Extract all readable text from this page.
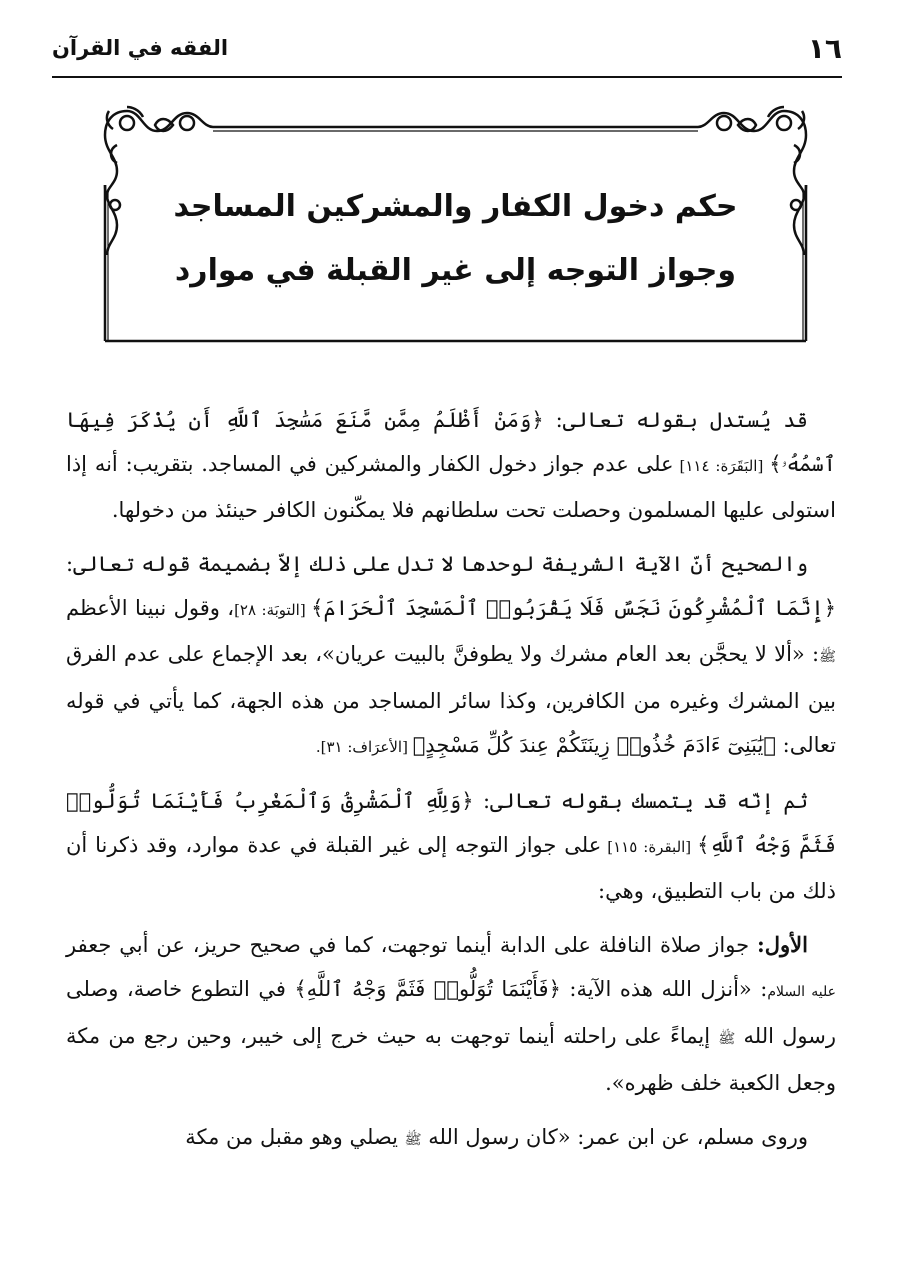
١٦
الفقه في القرآن
حكم دخول الكفار والمشركين المساجد
وجواز التوجه إلى غير القبلة في موارد

قد يُستدل بقوله تعالى: ﴿وَمَنْ أَظْلَمُ مِمَّن مَّنَعَ مَسَٰجِدَ ٱللَّهِ أَن يُذْكَرَ فِيهَا ٱسْمُهُۥ﴾ [البَقَرَة: ١١٤] على عدم جواز دخول الكفار والمشركين في المساجد. بتقريب: أنه إذا استولى عليها المسلمون وحصلت تحت سلطانهم فلا يمكّنون الكافر حينئذ من دخولها.

والصحيح أنّ الآية الشريفة لوحدها لا تدل على ذلك إلاّ بضميمة قوله تعالى: ﴿إِنَّمَا ٱلْمُشْرِكُونَ نَجَسٌ فَلَا يَقْرَبُوا۟ ٱلْمَسْجِدَ ٱلْحَرَامَ﴾ [التوبَة: ٢٨]، وقول نبينا الأعظم ﷺ: «ألا لا يحجَّن بعد العام مشرك ولا يطوفنَّ بالبيت عريان»، بعد الإجماع على عدم الفرق بين المشرك وغيره من الكافرين، وكذا سائر المساجد من هذه الجهة، كما يأتي في قوله تعالى: ﴿يَٰبَنِىٓ ءَادَمَ خُذُوا۟ زِينَتَكُمْ عِندَ كُلِّ مَسْجِدٍ﴾ [الأعرَاف: ٣١].

ثم إنّه قد يتمسك بقوله تعالى: ﴿وَلِلَّهِ ٱلْمَشْرِقُ وَٱلْمَغْرِبُ فَأَيْنَمَا تُوَلُّوا۟ فَثَمَّ وَجْهُ ٱللَّهِ﴾ [البقرة: ١١٥] على جواز التوجه إلى غير القبلة في عدة موارد، وقد ذكرنا أن ذلك من باب التطبيق، وهي:

الأول: جواز صلاة النافلة على الدابة أينما توجهت، كما في صحيح حريز، عن أبي جعفر عليه السلام: «أنزل الله هذه الآية: ﴿فَأَيْنَمَا تُوَلُّوا۟ فَثَمَّ وَجْهُ ٱللَّهِ﴾ في التطوع خاصة، وصلى رسول الله ﷺ إيماءً على راحلته أينما توجهت به حيث خرج إلى خيبر، وحين رجع من مكة وجعل الكعبة خلف ظهره».

وروى مسلم، عن ابن عمر: «كان رسول الله ﷺ يصلي وهو مقبل من مكة
